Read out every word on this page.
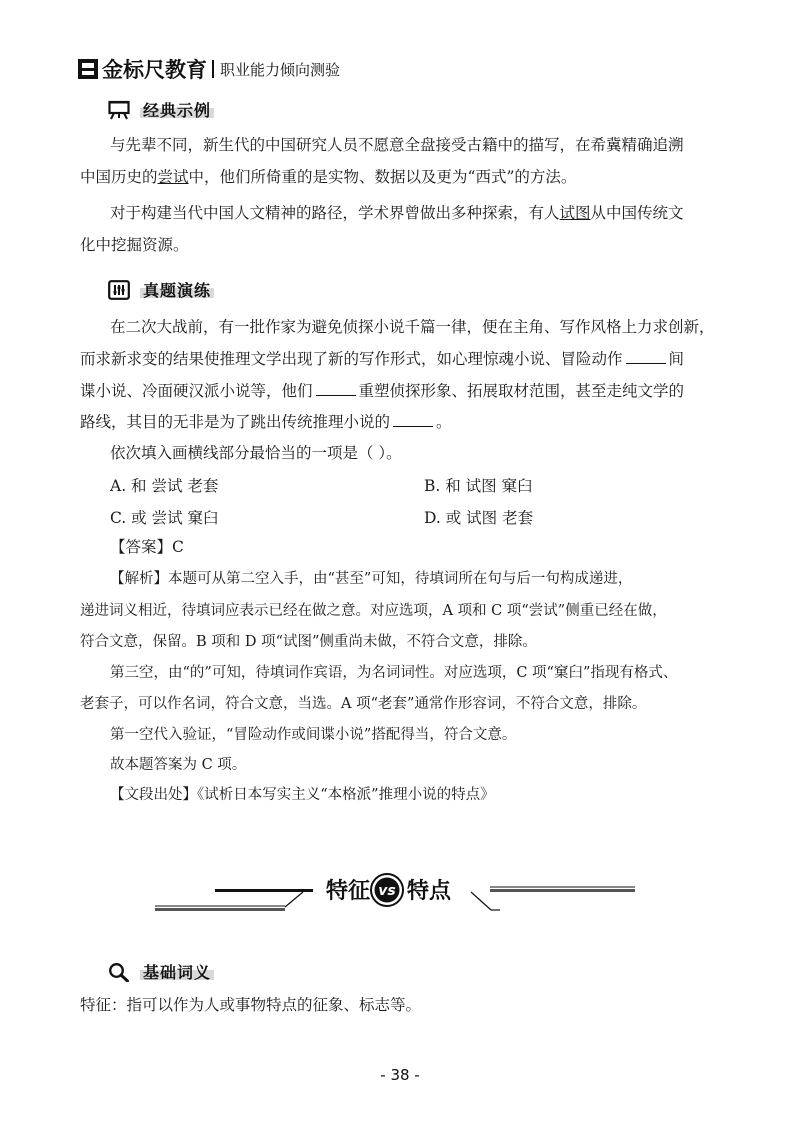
金标尺教育 职业能力倾向测验
经典示例

与先辈不同，新生代的中国研究人员不愿意全盘接受古籍中的描写，在希冀精确追溯

中国历史的尝试中，他们所倚重的是实物、数据以及更为“西式”的方法。

对于构建当代中国人文精神的路径，学术界曾做出多种探索，有人试图从中国传统文

化中挖掘资源。

真题演练

在二次大战前，有一批作家为避免侦探小说千篇一律，便在主角、写作风格上力求创新，

而求新求变的结果使推理文学出现了新的写作形式，如心理惊魂小说、冒险动作	间

谍小说、冷面硬汉派小说等，他们	重塑侦探形象、拓展取材范围，甚至走纯文学的

路线，其目的无非是为了跳出传统推理小说的	。

依次填入画横线部分最恰当的一项是（ ）。

A. 和 尝试 老套	B. 和 试图 窠臼
C. 或 尝试 窠臼	D. 或 试图 老套

【答案】C

【解析】本题可从第二空入手，由“甚至”可知，待填词所在句与后一句构成递进，

递进词义相近，待填词应表示已经在做之意。对应选项，A 项和 C 项“尝试”侧重已经在做，

符合文意，保留。B 项和 D 项“试图”侧重尚未做，不符合文意，排除。

第三空，由“的”可知，待填词作宾语，为名词词性。对应选项，C 项“窠臼”指现有格式、

老套子，可以作名词，符合文意，当选。A 项“老套”通常作形容词，不符合文意，排除。

第一空代入验证，“冒险动作或间谍小说”搭配得当，符合文意。

故本题答案为 C 项。

【文段出处】《试析日本写实主义“本格派”推理小说的特点》

vs
特征 特点
基础词义

特征：指可以作为人或事物特点的征象、标志等。

- 38 -
